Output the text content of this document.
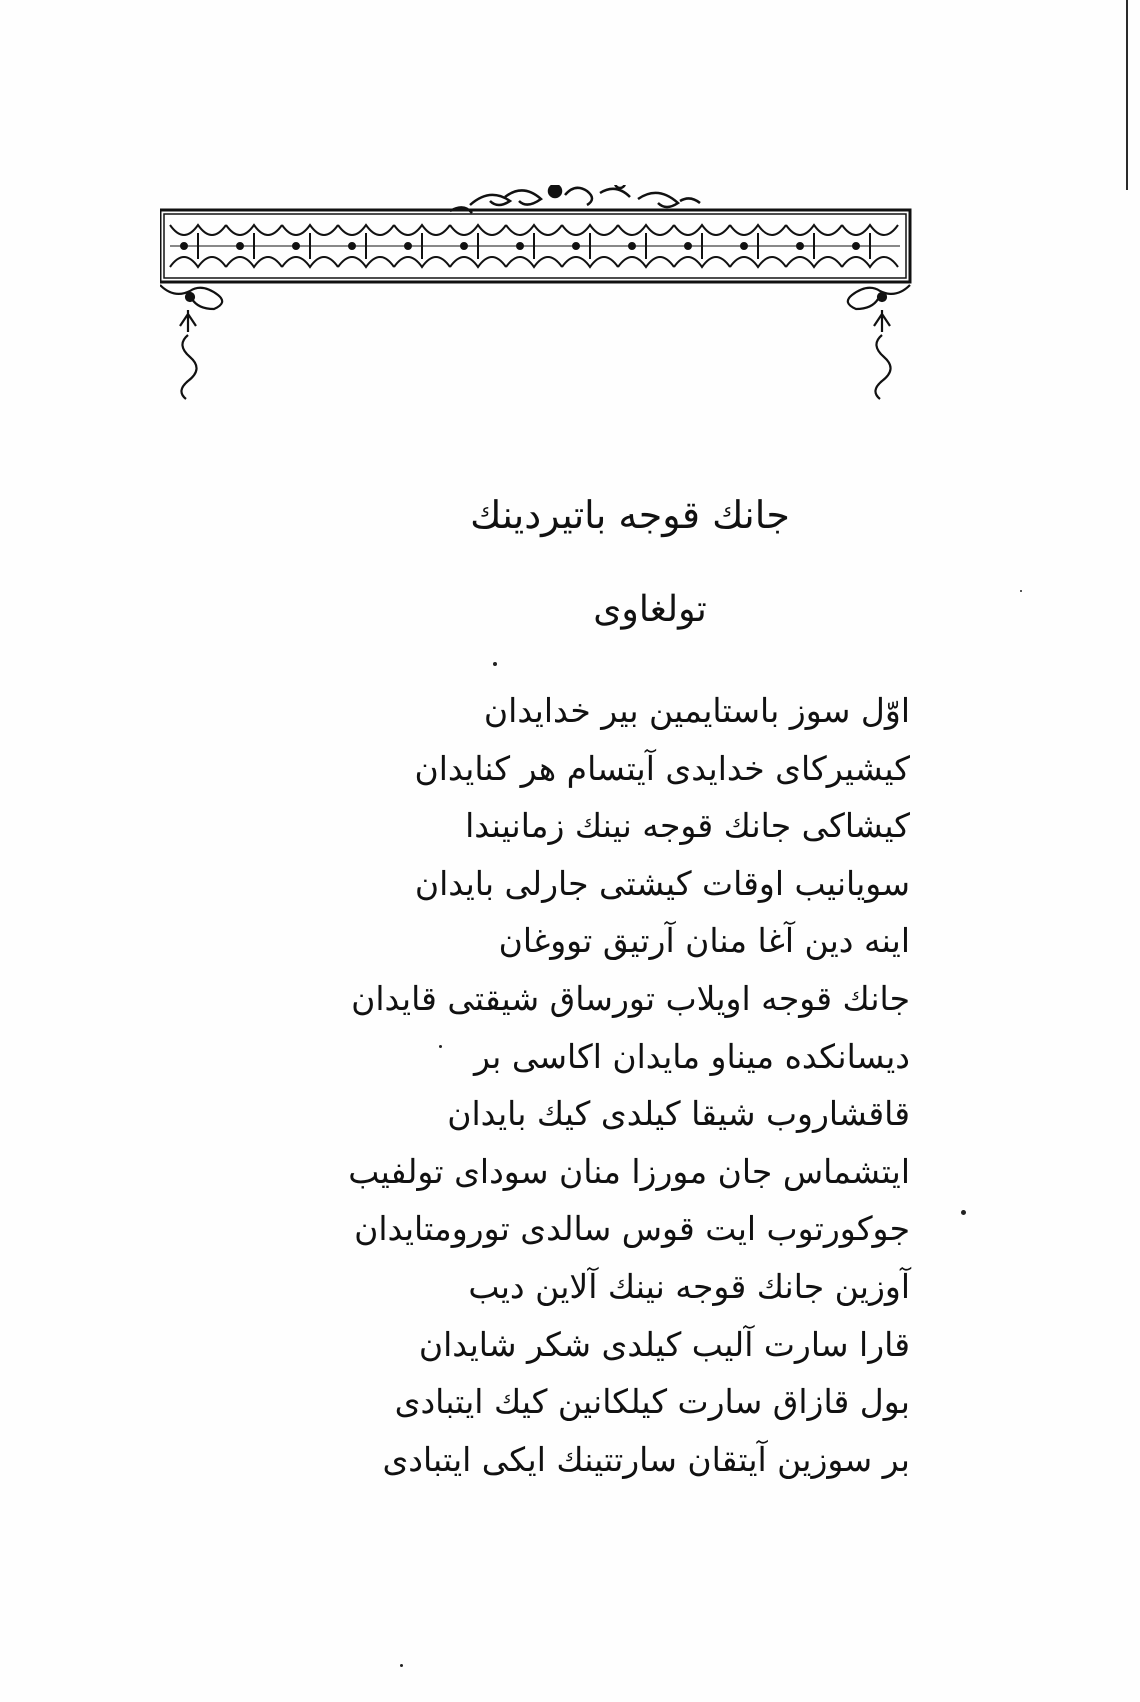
جانك قوجه باتيردينك
تولغاوى
اوّل سوز باستايمين بير خدايدان
كيشيركاى خدايدى آيتسام هر كنايدان
كيشاكى جانك قوجه نينك زمانيندا
سويانيب اوقات كيشتى جارلى بايدان
اينه دين آغا منان آرتيق تووغان
جانك قوجه اويلاب تورساق شيقتى قايدان
ديسانكده ميناو مايدان اكاسى بر
قاقشاروب شيقا كيلدى كيك بايدان
ايتشماس جان مورزا منان سوداى تولفيب
جوكورتوب ايت قوس سالدى تورومتايدان
آوزين جانك قوجه نينك آلاين ديب
قارا سارت آليب كيلدى شكر شايدان
بول قازاق سارت كيلكانين كيك ايتبادى
بر سوزين آيتقان سارتتينك ايكى ايتبادى
